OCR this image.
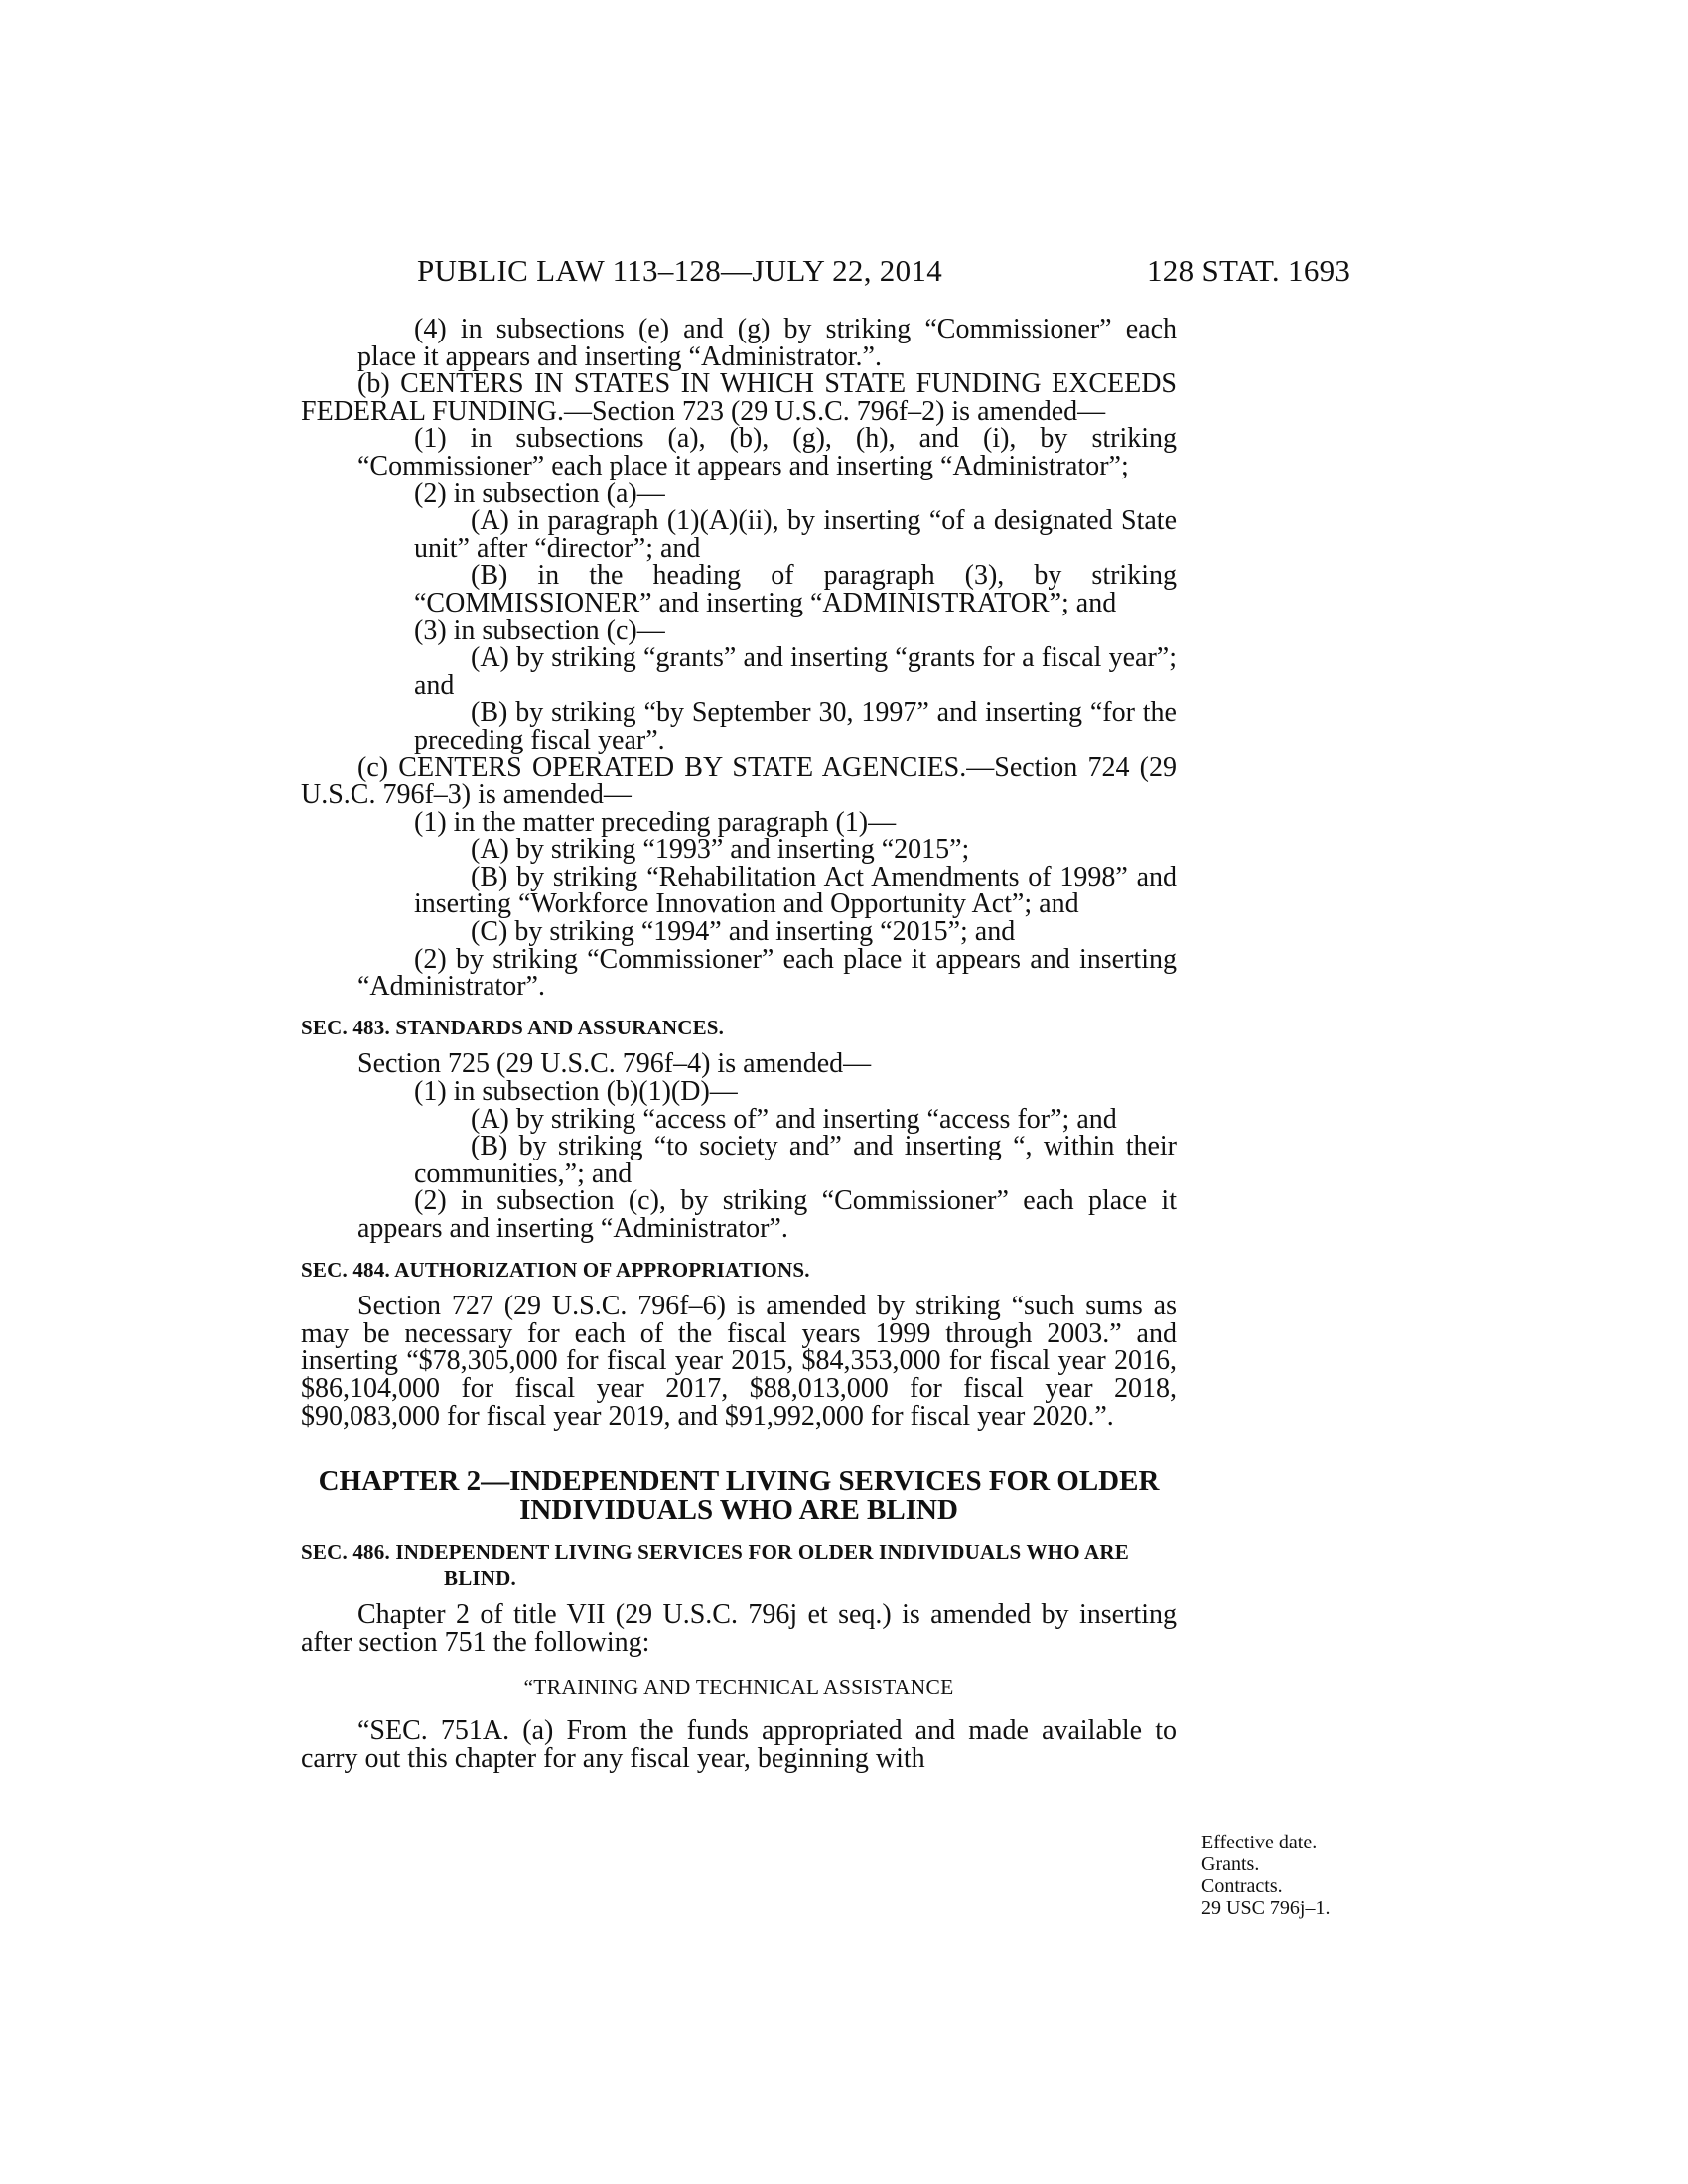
PUBLIC LAW 113–128—JULY 22, 2014	128 STAT. 1693

(4) in subsections (e) and (g) by striking “Commissioner” each place it appears and inserting “Administrator.”.

(b) CENTERS IN STATES IN WHICH STATE FUNDING EXCEEDS FEDERAL FUNDING.—Section 723 (29 U.S.C. 796f–2) is amended—

(1) in subsections (a), (b), (g), (h), and (i), by striking “Commissioner” each place it appears and inserting “Administrator”;

(2) in subsection (a)—

(A) in paragraph (1)(A)(ii), by inserting “of a designated State unit” after “director”; and

(B) in the heading of paragraph (3), by striking “COMMISSIONER” and inserting “ADMINISTRATOR”; and

(3) in subsection (c)—

(A) by striking “grants” and inserting “grants for a fiscal year”; and

(B) by striking “by September 30, 1997” and inserting “for the preceding fiscal year”.

(c) CENTERS OPERATED BY STATE AGENCIES.—Section 724 (29 U.S.C. 796f–3) is amended—

(1) in the matter preceding paragraph (1)—

(A) by striking “1993” and inserting “2015”;

(B) by striking “Rehabilitation Act Amendments of 1998” and inserting “Workforce Innovation and Opportunity Act”; and

(C) by striking “1994” and inserting “2015”; and

(2) by striking “Commissioner” each place it appears and inserting “Administrator”.

SEC. 483. STANDARDS AND ASSURANCES.

Section 725 (29 U.S.C. 796f–4) is amended—

(1) in subsection (b)(1)(D)—

(A) by striking “access of” and inserting “access for”; and

(B) by striking “to society and” and inserting “, within their communities,”; and

(2) in subsection (c), by striking “Commissioner” each place it appears and inserting “Administrator”.

SEC. 484. AUTHORIZATION OF APPROPRIATIONS.

Section 727 (29 U.S.C. 796f–6) is amended by striking “such sums as may be necessary for each of the fiscal years 1999 through 2003.” and inserting “$78,305,000 for fiscal year 2015, $84,353,000 for fiscal year 2016, $86,104,000 for fiscal year 2017, $88,013,000 for fiscal year 2018, $90,083,000 for fiscal year 2019, and $91,992,000 for fiscal year 2020.”.

CHAPTER 2—INDEPENDENT LIVING SERVICES FOR OLDER INDIVIDUALS WHO ARE BLIND

SEC. 486. INDEPENDENT LIVING SERVICES FOR OLDER INDIVIDUALS WHO ARE BLIND.

Chapter 2 of title VII (29 U.S.C. 796j et seq.) is amended by inserting after section 751 the following:

“TRAINING AND TECHNICAL ASSISTANCE

“SEC. 751A. (a) From the funds appropriated and made available to carry out this chapter for any fiscal year, beginning with

Effective date.
Grants.
Contracts.
29 USC 796j–1.
